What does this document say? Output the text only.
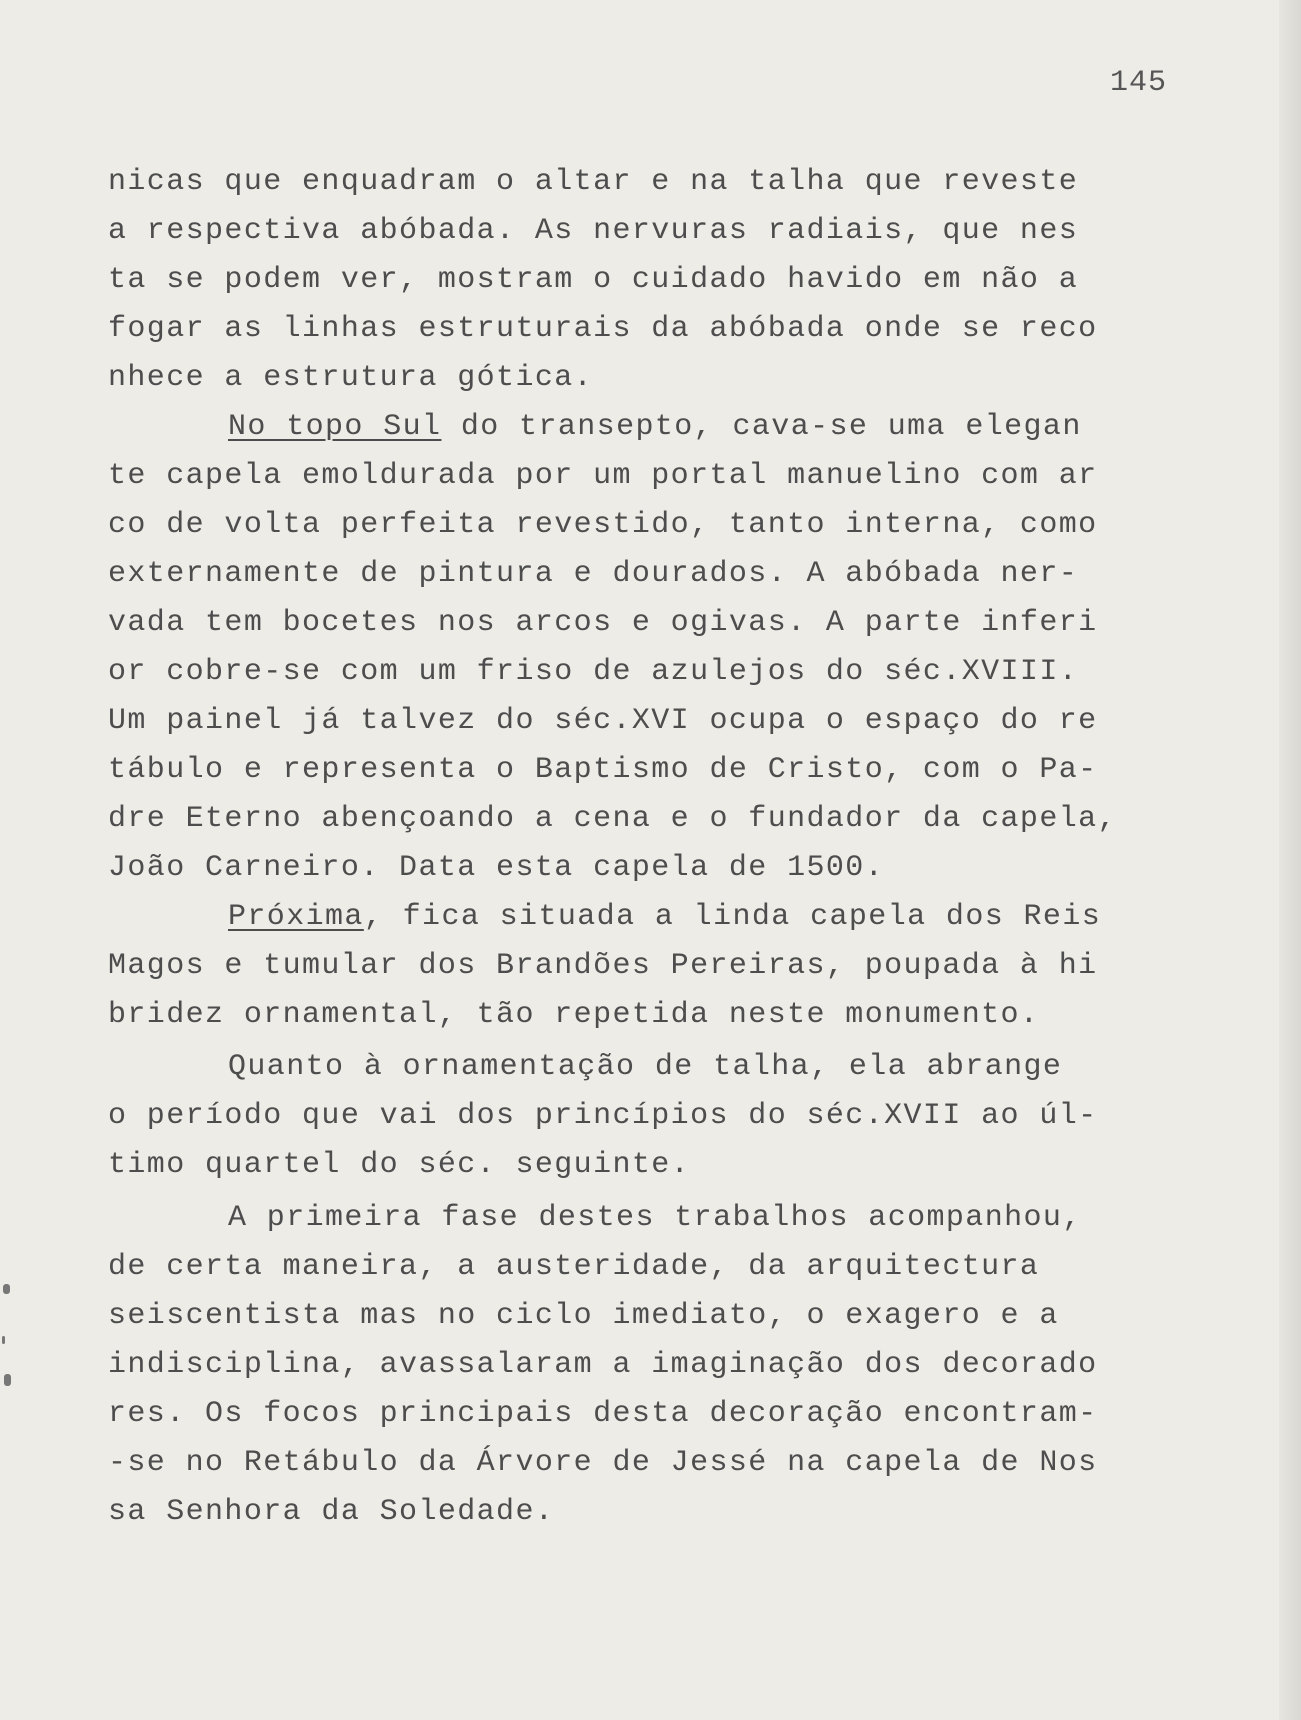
145
nicas que enquadram o altar e na talha que reveste
a respectiva abóbada. As nervuras radiais, que nes
ta se podem ver, mostram o cuidado havido em não a
fogar as linhas estruturais da abóbada onde se reco
nhece a estrutura gótica.
No topo Sul do transepto, cava-se uma elegan
te capela emoldurada por um portal manuelino com ar
co de volta perfeita revestido, tanto interna, como
externamente de pintura e dourados. A abóbada ner-
vada tem bocetes nos arcos e ogivas. A parte inferi
or cobre-se com um friso de azulejos do séc.XVIII.
Um painel já talvez do séc.XVI ocupa o espaço do re
tábulo e representa o Baptismo de Cristo, com o Pa-
dre Eterno abençoando a cena e o fundador da capela,
João Carneiro. Data esta capela de 1500.
Próxima, fica situada a linda capela dos Reis
Magos e tumular dos Brandões Pereiras, poupada à hi
bridez ornamental, tão repetida neste monumento.
Quanto à ornamentação de talha, ela abrange
o período que vai dos princípios do séc.XVII ao úl-
timo quartel do séc. seguinte.
A primeira fase destes trabalhos acompanhou,
de certa maneira, a austeridade, da arquitectura
seiscentista mas no ciclo imediato, o exagero e a
indisciplina, avassalaram a imaginação dos decorado
res. Os focos principais desta decoração encontram-
-se no Retábulo da Árvore de Jessé na capela de Nos
sa Senhora da Soledade.
